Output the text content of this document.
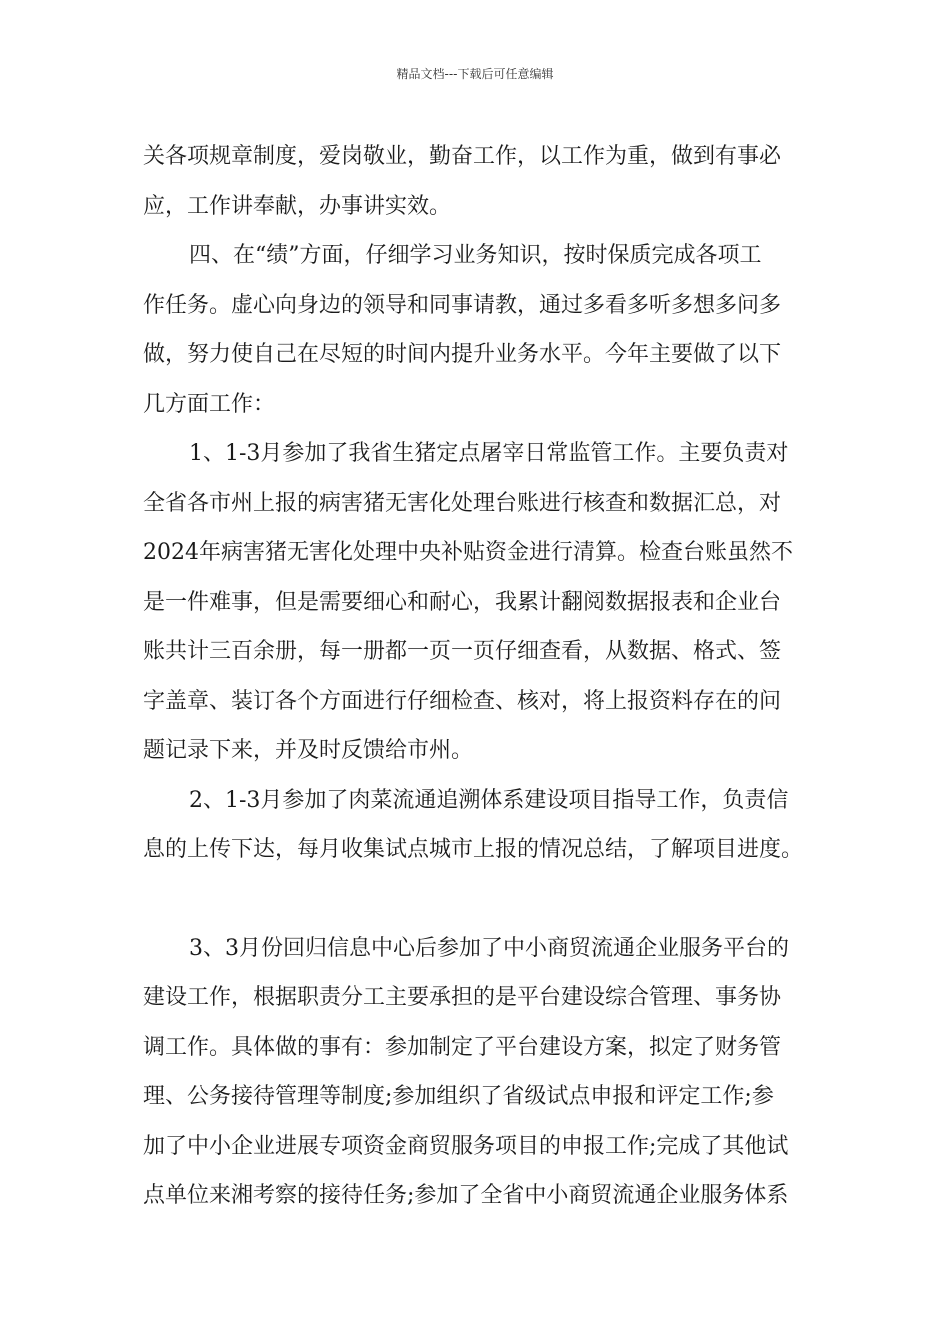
精品文档---下载后可任意编辑
关各项规章制度，爱岗敬业，勤奋工作，以工作为重，做到有事必
应，工作讲奉献，办事讲实效。
四、在“绩”方面，仔细学习业务知识，按时保质完成各项工
作任务。虚心向身边的领导和同事请教，通过多看多听多想多问多
做，努力使自己在尽短的时间内提升业务水平。今年主要做了以下
几方面工作：
1、1-3月参加了我省生猪定点屠宰日常监管工作。主要负责对
全省各市州上报的病害猪无害化处理台账进行核查和数据汇总，对
2024年病害猪无害化处理中央补贴资金进行清算。检查台账虽然不
是一件难事，但是需要细心和耐心，我累计翻阅数据报表和企业台
账共计三百余册，每一册都一页一页仔细查看，从数据、格式、签
字盖章、装订各个方面进行仔细检查、核对，将上报资料存在的问
题记录下来，并及时反馈给市州。
2、1-3月参加了肉菜流通追溯体系建设项目指导工作，负责信
息的上传下达，每月收集试点城市上报的情况总结，了解项目进度。
3、3月份回归信息中心后参加了中小商贸流通企业服务平台的
建设工作，根据职责分工主要承担的是平台建设综合管理、事务协
调工作。具体做的事有：参加制定了平台建设方案，拟定了财务管
理、公务接待管理等制度;参加组织了省级试点申报和评定工作;参
加了中小企业进展专项资金商贸服务项目的申报工作;完成了其他试
点单位来湘考察的接待任务;参加了全省中小商贸流通企业服务体系
